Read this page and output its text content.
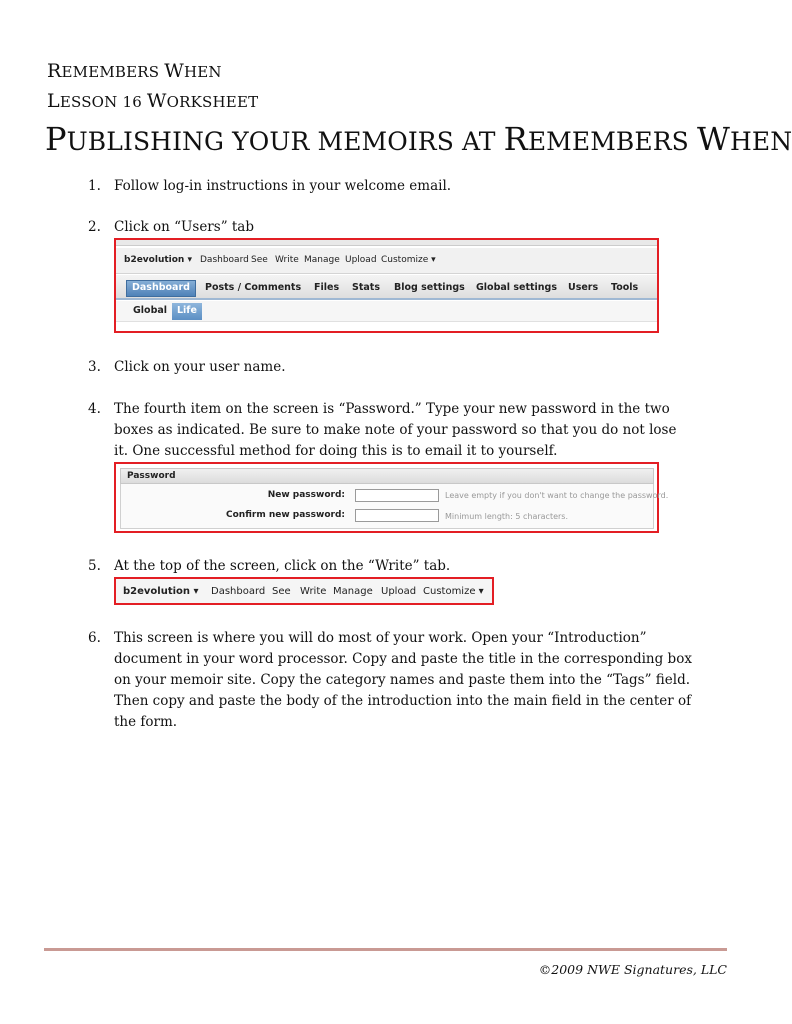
REMEMBERS WHEN
LESSON 16 WORKSHEET
PUBLISHING YOUR MEMOIRS AT REMEMBERS WHEN
1. Follow log-in instructions in your welcome email.
2. Click on “Users” tab
b2evolution ▾ Dashboard See Write Manage Upload Customize ▾
Dashboard	Posts / Comments	Files	Stats	Blog settings	Global settings	Users	Tools
Global	Life
3. Click on your user name.
4. The fourth item on the screen is “Password.” Type your new password in the two boxes as indicated. Be sure to make note of your password so that you do not lose it. One successful method for doing this is to email it to yourself.
Password
New password:	Leave empty if you don't want to change the password.
Confirm new password:	Minimum length: 5 characters.
5. At the top of the screen, click on the “Write” tab.
b2evolution ▾ Dashboard See Write Manage Upload Customize ▾
6. This screen is where you will do most of your work. Open your “Introduction” document in your word processor. Copy and paste the title in the corresponding box on your memoir site. Copy the category names and paste them into the “Tags” field. Then copy and paste the body of the introduction into the main field in the center of the form.
©2009 NWE Signatures, LLC
